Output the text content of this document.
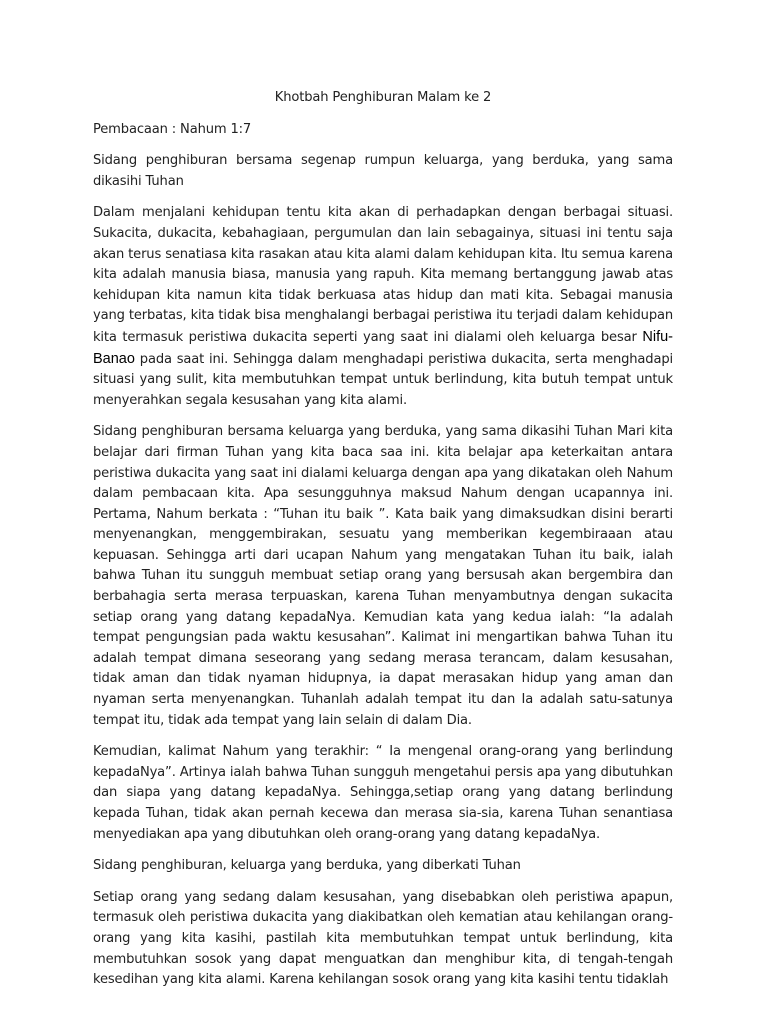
Khotbah Penghiburan Malam ke 2

Pembacaan : Nahum 1:7

Sidang penghiburan bersama segenap rumpun keluarga, yang berduka, yang sama dikasihi Tuhan

Dalam menjalani kehidupan tentu kita akan di perhadapkan dengan berbagai situasi. Sukacita, dukacita, kebahagiaan, pergumulan dan lain sebagainya, situasi ini tentu saja akan terus senatiasa kita rasakan atau kita alami dalam kehidupan kita. Itu semua karena kita adalah manusia biasa, manusia yang rapuh. Kita memang bertanggung jawab atas kehidupan kita namun kita tidak berkuasa atas hidup dan mati kita. Sebagai manusia yang terbatas, kita tidak bisa menghalangi berbagai peristiwa itu terjadi dalam kehidupan kita termasuk peristiwa dukacita seperti yang saat ini dialami oleh keluarga besar Nifu-Banao pada saat ini. Sehingga dalam menghadapi peristiwa dukacita, serta menghadapi situasi yang sulit, kita membutuhkan tempat untuk berlindung, kita butuh tempat untuk menyerahkan segala kesusahan yang kita alami.

Sidang penghiburan bersama keluarga yang berduka, yang sama dikasihi Tuhan Mari kita belajar dari firman Tuhan yang kita baca saa ini. kita belajar apa keterkaitan antara peristiwa dukacita yang saat ini dialami keluarga dengan apa yang dikatakan oleh Nahum dalam pembacaan kita. Apa sesungguhnya maksud Nahum dengan ucapannya ini. Pertama, Nahum berkata : “Tuhan itu baik ”. Kata baik yang dimaksudkan disini berarti menyenangkan, menggembirakan, sesuatu yang memberikan kegembiraaan atau kepuasan. Sehingga arti dari ucapan Nahum yang mengatakan Tuhan itu baik, ialah bahwa Tuhan itu sungguh membuat setiap orang yang bersusah akan bergembira dan berbahagia serta merasa terpuaskan, karena Tuhan menyambutnya dengan sukacita setiap orang yang datang kepadaNya. Kemudian kata yang kedua ialah: “Ia adalah tempat pengungsian pada waktu kesusahan”. Kalimat ini mengartikan bahwa Tuhan itu adalah tempat dimana seseorang yang sedang merasa terancam, dalam kesusahan, tidak aman dan tidak nyaman hidupnya, ia dapat merasakan hidup yang aman dan nyaman serta menyenangkan. Tuhanlah adalah tempat itu dan Ia adalah satu-satunya tempat itu, tidak ada tempat yang lain selain di dalam Dia.

Kemudian, kalimat Nahum yang terakhir: “ Ia mengenal orang-orang yang berlindung kepadaNya”. Artinya ialah bahwa Tuhan sungguh mengetahui persis apa yang dibutuhkan dan siapa yang datang kepadaNya. Sehingga,setiap orang yang datang berlindung kepada Tuhan, tidak akan pernah kecewa dan merasa sia-sia, karena Tuhan senantiasa menyediakan apa yang dibutuhkan oleh orang-orang yang datang kepadaNya.

Sidang penghiburan, keluarga yang berduka, yang diberkati Tuhan

Setiap orang yang sedang dalam kesusahan, yang disebabkan oleh peristiwa apapun, termasuk oleh peristiwa dukacita yang diakibatkan oleh kematian atau kehilangan orang-orang yang kita kasihi, pastilah kita membutuhkan tempat untuk berlindung, kita membutuhkan sosok yang dapat menguatkan dan menghibur kita, di tengah-tengah kesedihan yang kita alami. Karena kehilangan sosok orang yang kita kasihi tentu tidaklah
